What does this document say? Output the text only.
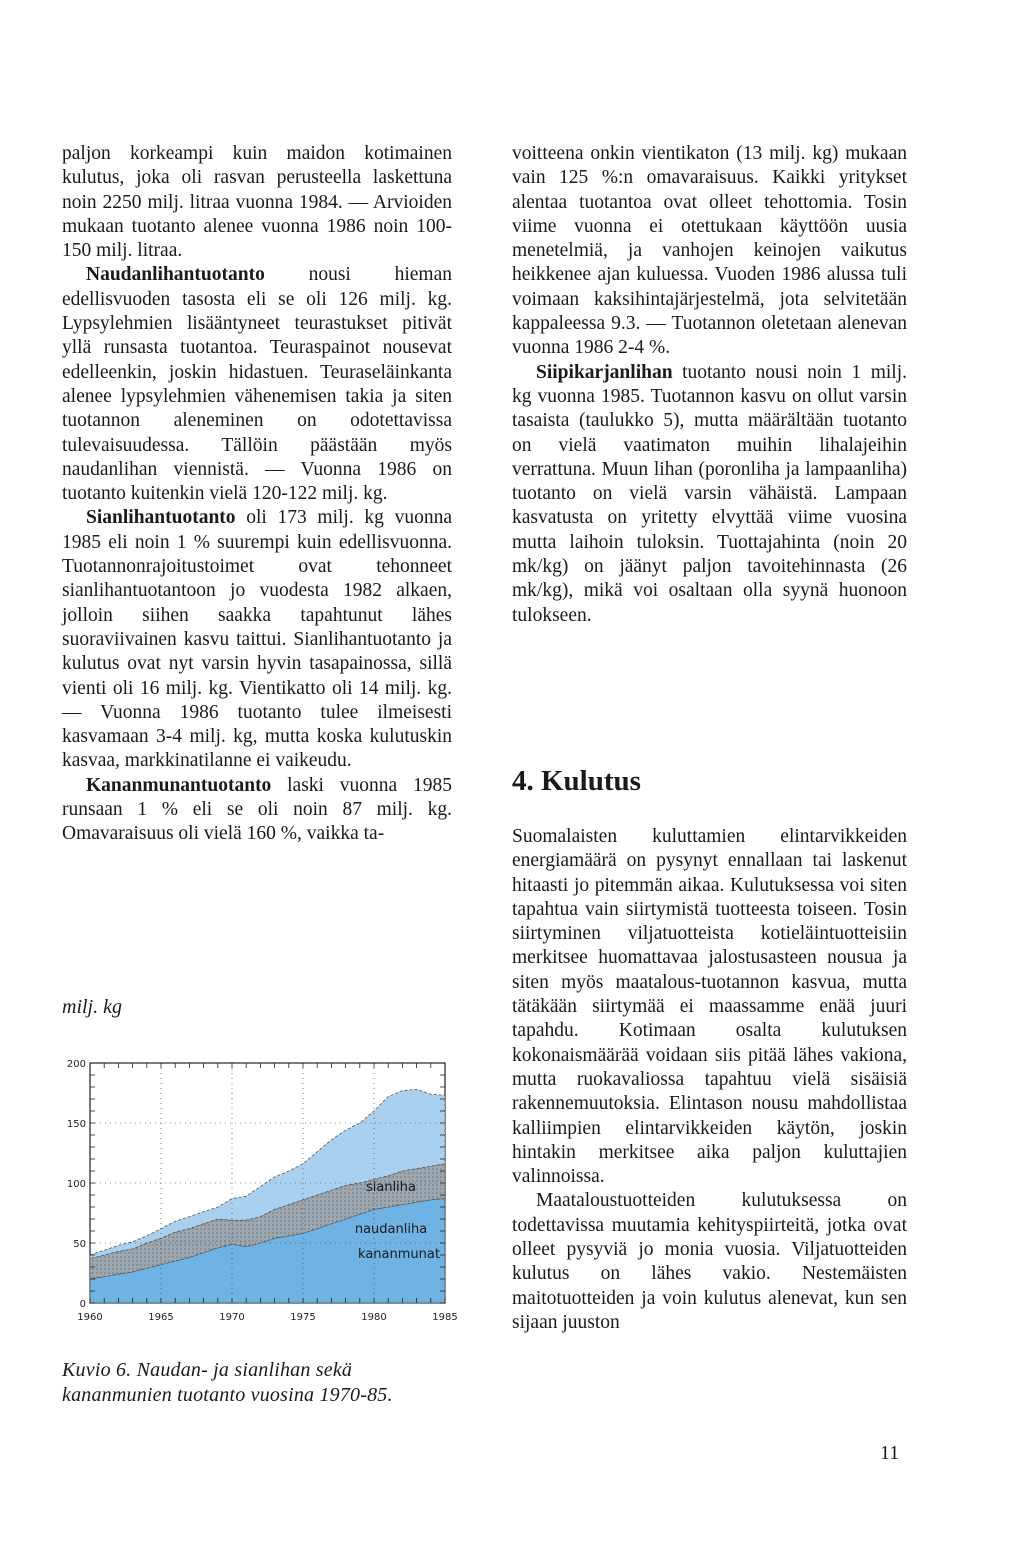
paljon korkeampi kuin maidon kotimainen kulutus, joka oli rasvan perusteella laskettuna noin 2250 milj. litraa vuonna 1984. — Arvioiden mukaan tuotanto alenee vuonna 1986 noin 100-150 milj. litraa.

Naudanlihantuotanto nousi hieman edellisvuoden tasosta eli se oli 126 milj. kg. Lypsylehmien lisääntyneet teurastukset pitivät yllä runsasta tuotantoa. Teuraspainot nousevat edelleenkin, joskin hidastuen. Teuraseläinkanta alenee lypsylehmien vähenemisen takia ja siten tuotannon aleneminen on odotettavissa tulevaisuudessa. Tällöin päästään myös naudanlihan viennistä. — Vuonna 1986 on tuotanto kuitenkin vielä 120-122 milj. kg.

Sianlihantuotanto oli 173 milj. kg vuonna 1985 eli noin 1 % suurempi kuin edellisvuonna. Tuotannonrajoitustoimet ovat tehonneet sianlihantuotantoon jo vuodesta 1982 alkaen, jolloin siihen saakka tapahtunut lähes suoraviivainen kasvu taittui. Sianlihantuotanto ja kulutus ovat nyt varsin hyvin tasapainossa, sillä vienti oli 16 milj. kg. Vientikatto oli 14 milj. kg. — Vuonna 1986 tuotanto tulee ilmeisesti kasvamaan 3-4 milj. kg, mutta koska kulutuskin kasvaa, markkinatilanne ei vaikeudu.

Kananmunantuotanto laski vuonna 1985 runsaan 1 % eli se oli noin 87 milj. kg. Omavaraisuus oli vielä 160 %, vaikka ta-

voitteena onkin vientikaton (13 milj. kg) mukaan vain 125 %:n omavaraisuus. Kaikki yritykset alentaa tuotantoa ovat olleet tehottomia. Tosin viime vuonna ei otettukaan käyttöön uusia menetelmiä, ja vanhojen keinojen vaikutus heikkenee ajan kuluessa. Vuoden 1986 alussa tuli voimaan kaksihintajärjestelmä, jota selvitetään kappaleessa 9.3. — Tuotannon oletetaan alenevan vuonna 1986 2-4 %.

Siipikarjanlihan tuotanto nousi noin 1 milj. kg vuonna 1985. Tuotannon kasvu on ollut varsin tasaista (taulukko 5), mutta määrältään tuotanto on vielä vaatimaton muihin lihalajeihin verrattuna. Muun lihan (poronliha ja lampaanliha) tuotanto on vielä varsin vähäistä. Lampaan kasvatusta on yritetty elvyttää viime vuosina mutta laihoin tuloksin. Tuottajahinta (noin 20 mk/kg) on jäänyt paljon tavoitehinnasta (26 mk/kg), mikä voi osaltaan olla syynä huonoon tulokseen.

4. Kulutus

Suomalaisten kuluttamien elintarvikkeiden energiamäärä on pysynyt ennallaan tai laskenut hitaasti jo pitemmän aikaa. Kulutuksessa voi siten tapahtua vain siirtymistä tuotteesta toiseen. Tosin siirtyminen viljatuotteista kotieläintuotteisiin merkitsee huomattavaa jalostusasteen nousua ja siten myös maatalous-tuotannon kasvua, mutta tätäkään siirtymää ei maassamme enää juuri tapahdu. Kotimaan osalta kulutuksen kokonaismäärää voidaan siis pitää lähes vakiona, mutta ruokavaliossa tapahtuu vielä sisäisiä rakennemuutoksia. Elintason nousu mahdollistaa kalliimpien elintarvikkeiden käytön, joskin hintakin merkitsee aika paljon kuluttajien valinnoissa.

Maataloustuotteiden kulutuksessa on todettavissa muutamia kehityspiirteitä, jotka ovat olleet pysyviä jo monia vuosia. Viljatuotteiden kulutus on lähes vakio. Nestemäisten maitotuotteiden ja voin kulutus alenevat, kun sen sijaan juuston

milj. kg
1960	1965	1970	1975	1980	1985
0
50
100
150
200
kananmunat
naudanliha
sianliha

Kuvio 6. Naudan- ja sianlihan sekä kananmunien tuotanto vuosina 1970-85.

11
